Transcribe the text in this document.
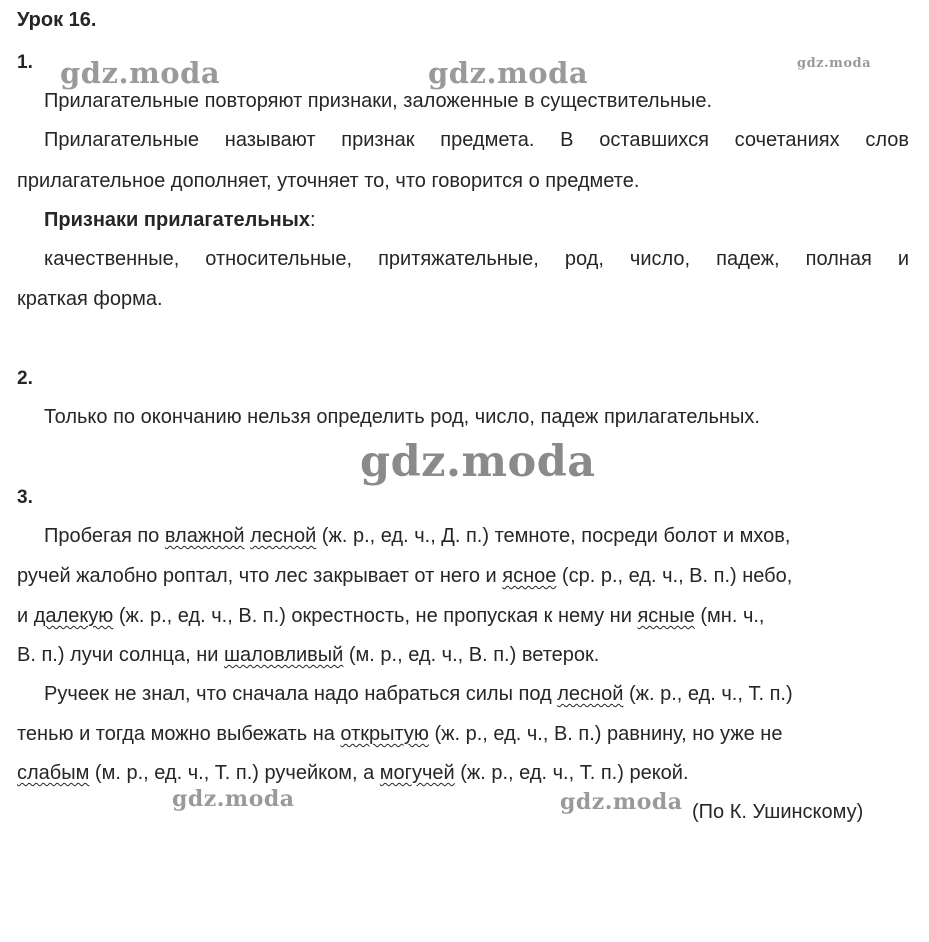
Урок 16.
1.
Прилагательные повторяют признаки, заложенные в существительные.
Прилагательные называют признак предмета. В оставшихся сочетаниях слов
прилагательное дополняет, уточняет то, что говорится о предмете.
Признаки прилагательных:
качественные, относительные, притяжательные, род, число, падеж, полная и
краткая форма.
2.
Только по окончанию нельзя определить род, число, падеж прилагательных.
3.
Пробегая по влажной лесной (ж. р., ед. ч., Д. п.) темноте, посреди болот и мхов,
ручей жалобно роптал, что лес закрывает от него и ясное (ср. р., ед. ч., В. п.) небо,
и далекую (ж. р., ед. ч., В. п.) окрестность, не пропуская к нему ни ясные (мн. ч.,
В. п.) лучи солнца, ни шаловливый (м. р., ед. ч., В. п.) ветерок.
Ручеек не знал, что сначала надо набраться силы под лесной (ж. р., ед. ч., Т. п.)
тенью и тогда можно выбежать на открытую (ж. р., ед. ч., В. п.) равнину, но уже не
слабым (м. р., ед. ч., Т. п.) ручейком, а могучей (ж. р., ед. ч., Т. п.) рекой.
(По К. Ушинскому)
gdz.moda	gdz.moda	gdz.moda
gdz.moda
gdz.moda	gdz.moda
